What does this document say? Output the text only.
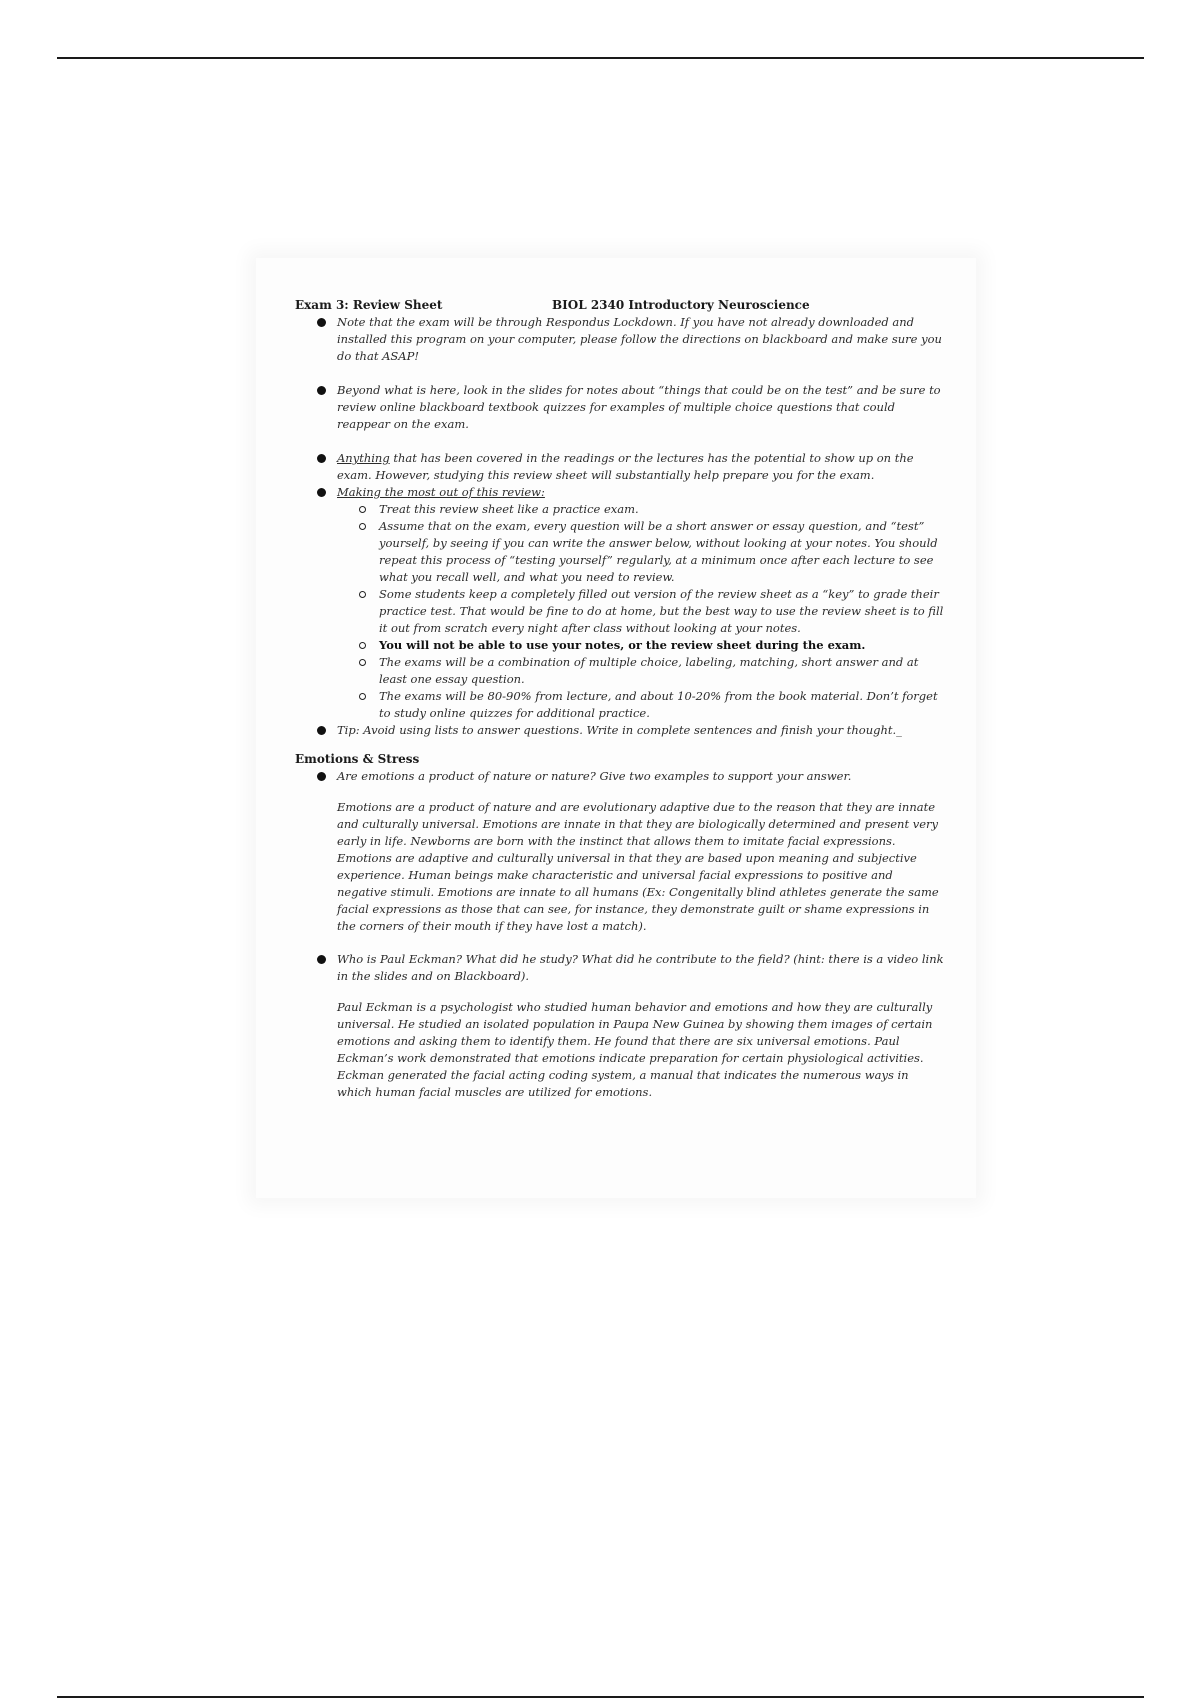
Exam 3: Review Sheet	BIOL 2340 Introductory Neuroscience
Note that the exam will be through Respondus Lockdown. If you have not already downloaded and installed this program on your computer, please follow the directions on blackboard and make sure you do that ASAP!
Beyond what is here, look in the slides for notes about “things that could be on the test” and be sure to review online blackboard textbook quizzes for examples of multiple choice questions that could reappear on the exam.
Anything that has been covered in the readings or the lectures has the potential to show up on the exam. However, studying this review sheet will substantially help prepare you for the exam.
Making the most out of this review:
Treat this review sheet like a practice exam.
Assume that on the exam, every question will be a short answer or essay question, and “test” yourself, by seeing if you can write the answer below, without looking at your notes. You should repeat this process of “testing yourself” regularly, at a minimum once after each lecture to see what you recall well, and what you need to review.
Some students keep a completely filled out version of the review sheet as a “key” to grade their practice test. That would be fine to do at home, but the best way to use the review sheet is to fill it out from scratch every night after class without looking at your notes.
You will not be able to use your notes, or the review sheet during the exam.
The exams will be a combination of multiple choice, labeling, matching, short answer and at least one essay question.
The exams will be 80-90% from lecture, and about 10-20% from the book material. Don’t forget to study online quizzes for additional practice.
Tip: Avoid using lists to answer questions. Write in complete sentences and finish your thought._
Emotions & Stress
Are emotions a product of nature or nature? Give two examples to support your answer.
Emotions are a product of nature and are evolutionary adaptive due to the reason that they are innate and culturally universal. Emotions are innate in that they are biologically determined and present very early in life. Newborns are born with the instinct that allows them to imitate facial expressions. Emotions are adaptive and culturally universal in that they are based upon meaning and subjective experience. Human beings make characteristic and universal facial expressions to positive and negative stimuli. Emotions are innate to all humans (Ex: Congenitally blind athletes generate the same facial expressions as those that can see, for instance, they demonstrate guilt or shame expressions in the corners of their mouth if they have lost a match).
Who is Paul Eckman? What did he study? What did he contribute to the field? (hint: there is a video link in the slides and on Blackboard).
Paul Eckman is a psychologist who studied human behavior and emotions and how they are culturally universal. He studied an isolated population in Paupa New Guinea by showing them images of certain emotions and asking them to identify them. He found that there are six universal emotions. Paul Eckman’s work demonstrated that emotions indicate preparation for certain physiological activities. Eckman generated the facial acting coding system, a manual that indicates the numerous ways in which human facial muscles are utilized for emotions.
